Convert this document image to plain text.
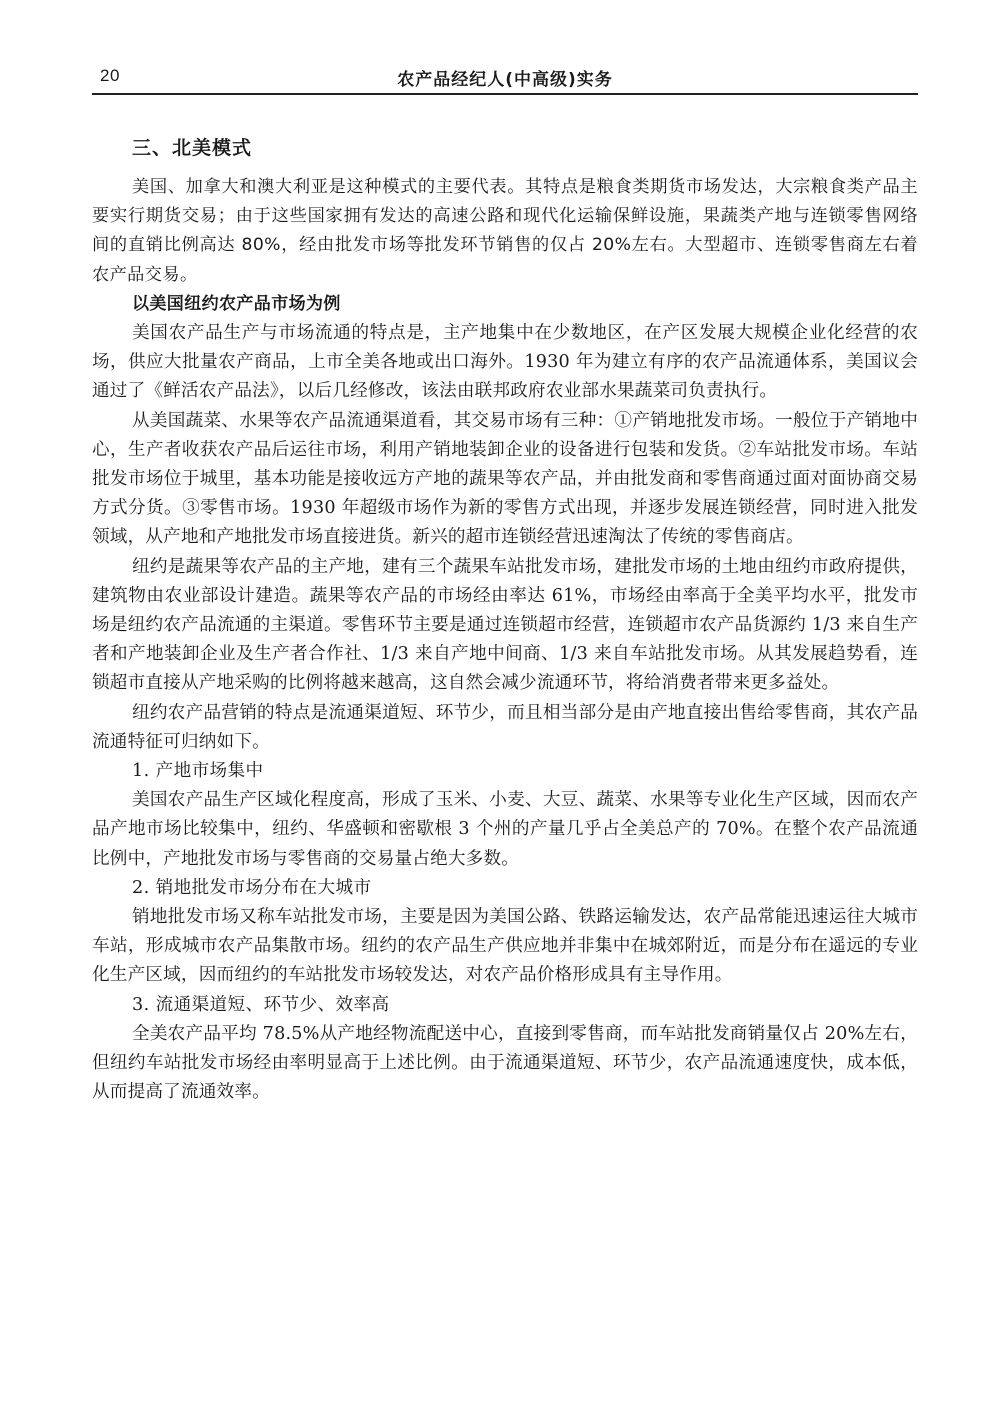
20	农产品经纪人(中高级)实务
三、北美模式

美国、加拿大和澳大利亚是这种模式的主要代表。其特点是粮食类期货市场发达，大宗粮食类产品主要实行期货交易；由于这些国家拥有发达的高速公路和现代化运输保鲜设施，果蔬类产地与连锁零售网络间的直销比例高达 80%，经由批发市场等批发环节销售的仅占 20%左右。大型超市、连锁零售商左右着农产品交易。

以美国纽约农产品市场为例

美国农产品生产与市场流通的特点是，主产地集中在少数地区，在产区发展大规模企业化经营的农场，供应大批量农产商品，上市全美各地或出口海外。1930 年为建立有序的农产品流通体系，美国议会通过了《鲜活农产品法》，以后几经修改，该法由联邦政府农业部水果蔬菜司负责执行。

从美国蔬菜、水果等农产品流通渠道看，其交易市场有三种：①产销地批发市场。一般位于产销地中心，生产者收获农产品后运往市场，利用产销地装卸企业的设备进行包装和发货。②车站批发市场。车站批发市场位于城里，基本功能是接收远方产地的蔬果等农产品，并由批发商和零售商通过面对面协商交易方式分货。③零售市场。1930 年超级市场作为新的零售方式出现，并逐步发展连锁经营，同时进入批发领域，从产地和产地批发市场直接进货。新兴的超市连锁经营迅速淘汰了传统的零售商店。

纽约是蔬果等农产品的主产地，建有三个蔬果车站批发市场，建批发市场的土地由纽约市政府提供，建筑物由农业部设计建造。蔬果等农产品的市场经由率达 61%，市场经由率高于全美平均水平，批发市场是纽约农产品流通的主渠道。零售环节主要是通过连锁超市经营，连锁超市农产品货源约 1/3 来自生产者和产地装卸企业及生产者合作社、1/3 来自产地中间商、1/3 来自车站批发市场。从其发展趋势看，连锁超市直接从产地采购的比例将越来越高，这自然会减少流通环节，将给消费者带来更多益处。

纽约农产品营销的特点是流通渠道短、环节少，而且相当部分是由产地直接出售给零售商，其农产品流通特征可归纳如下。

1. 产地市场集中

美国农产品生产区域化程度高，形成了玉米、小麦、大豆、蔬菜、水果等专业化生产区域，因而农产品产地市场比较集中，纽约、华盛顿和密歇根 3 个州的产量几乎占全美总产的 70%。在整个农产品流通比例中，产地批发市场与零售商的交易量占绝大多数。

2. 销地批发市场分布在大城市

销地批发市场又称车站批发市场，主要是因为美国公路、铁路运输发达，农产品常能迅速运往大城市车站，形成城市农产品集散市场。纽约的农产品生产供应地并非集中在城郊附近，而是分布在遥远的专业化生产区域，因而纽约的车站批发市场较发达，对农产品价格形成具有主导作用。

3. 流通渠道短、环节少、效率高

全美农产品平均 78.5%从产地经物流配送中心，直接到零售商，而车站批发商销量仅占 20%左右，但纽约车站批发市场经由率明显高于上述比例。由于流通渠道短、环节少，农产品流通速度快，成本低，从而提高了流通效率。
